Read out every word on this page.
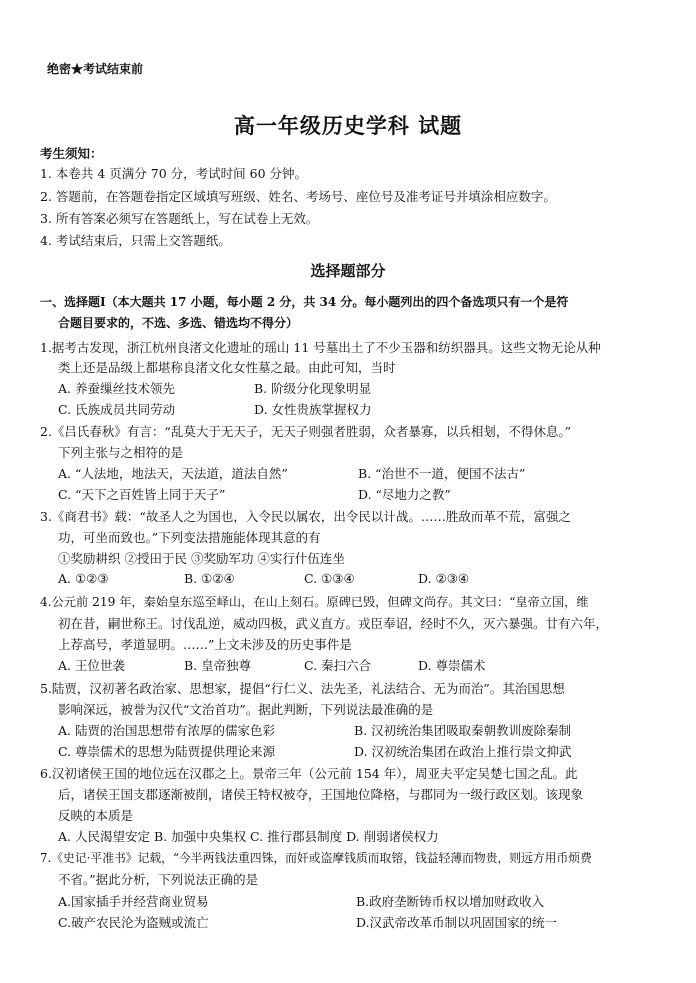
绝密★考试结束前
高一年级历史学科 试题
考生须知：
1. 本卷共 4 页满分 70 分，考试时间 60 分钟。
2. 答题前，在答题卷指定区域填写班级、姓名、考场号、座位号及准考证号并填涂相应数字。
3. 所有答案必须写在答题纸上，写在试卷上无效。
4. 考试结束后，只需上交答题纸。
选择题部分
一、选择题Ⅰ（本大题共 17 小题，每小题 2 分，共 34 分。每小题列出的四个备选项只有一个是符
合题目要求的，不选、多选、错选均不得分）
1.据考古发现，浙江杭州良渚文化遗址的瑶山 11 号墓出土了不少玉器和纺织器具。这些文物无论从种
类上还是品级上都堪称良渚文化女性墓之最。由此可知，当时
A. 养蚕缫丝技术领先	B. 阶级分化现象明显
C. 氏族成员共同劳动	D. 女性贵族掌握权力
2.《吕氏春秋》有言：“乱莫大于无天子，无天子则强者胜弱，众者暴寡，以兵相刬，不得休息。”
下列主张与之相符的是
A. “人法地，地法天，天法道，道法自然”	B. “治世不一道，便国不法古”
C. “天下之百姓皆上同于天子”	D. “尽地力之教”
3.《商君书》载：“故圣人之为国也，入令民以属农，出令民以计战。……胜敌而革不荒，富强之
功，可坐而致也。”下列变法措施能体现其意的有
①奖励耕织 ②授田于民 ③奖励军功 ④实行什伍连坐
A. ①②③	B. ①②④	C. ①③④	D. ②③④
4.公元前 219 年，秦始皇东巡至峄山，在山上刻石。原碑已毁，但碑文尚存。其文曰：“皇帝立国，维
初在昔，嗣世称王。讨伐乱逆，威动四极，武义直方。戎臣奉诏，经时不久，灭六暴强。廿有六年，
上荐高号，孝道显明。……”上文未涉及的历史事件是
A. 王位世袭	B. 皇帝独尊	C. 秦扫六合	D. 尊崇儒术
5.陆贾，汉初著名政治家、思想家，提倡“行仁义、法先圣，礼法结合、无为而治”。其治国思想
影响深远，被誉为汉代“文治首功”。据此判断，下列说法最准确的是
A. 陆贾的治国思想带有浓厚的儒家色彩	B. 汉初统治集团吸取秦朝教训废除秦制
C. 尊崇儒术的思想为陆贾提供理论来源	D. 汉初统治集团在政治上推行崇文抑武
6.汉初诸侯王国的地位远在汉郡之上。景帝三年（公元前 154 年），周亚夫平定吴楚七国之乱。此
后，诸侯王国支郡逐渐被削，诸侯王特权被夺，王国地位降格，与郡同为一级行政区划。该现象
反映的本质是
A. 人民渴望安定 B. 加强中央集权 C. 推行郡县制度 D. 削弱诸侯权力
7.《史记·平准书》记载，“今半两钱法重四铢，而奸或盗摩钱质而取镕，钱益轻薄而物贵，则远方用币烦费
不省。”据此分析，下列说法正确的是
A.国家插手并经营商业贸易	B.政府垄断铸币权以增加财政收入
C.破产农民沦为盗贼或流亡	D.汉武帝改革币制以巩固国家的统一
